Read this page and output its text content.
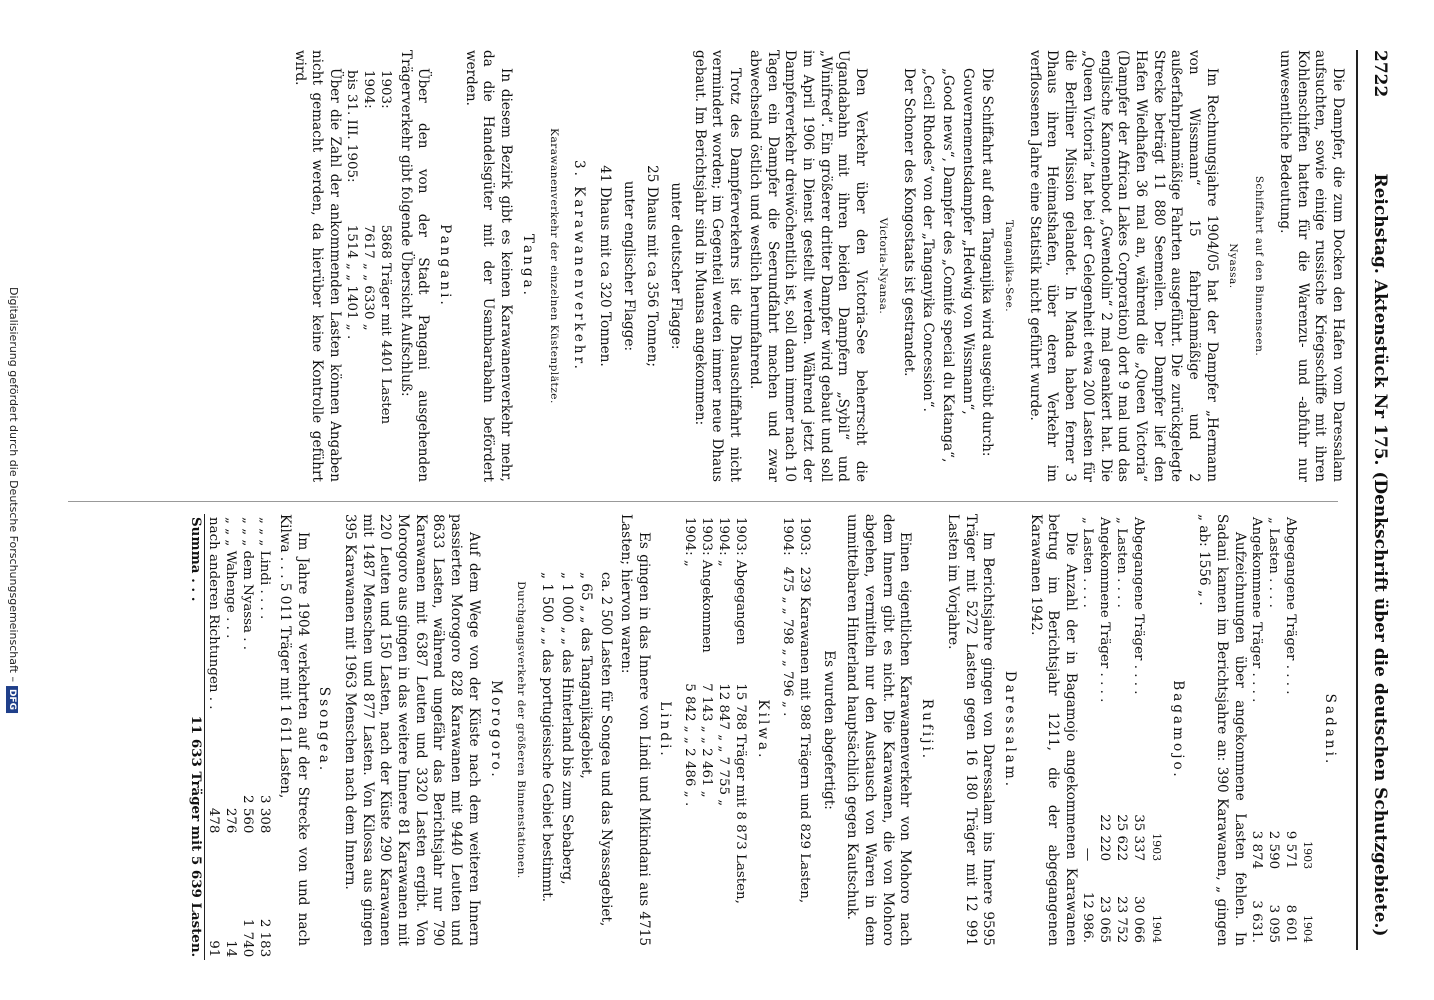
Digitalisierung gefördert durch die Deutsche Forschungsgemeinschaft –DFG
2722
Reichstag. Aktenstück Nr 175. (Denkschrift über die deutschen Schutzgebiete.)

Die Dampfer, die zum Docken den Hafen vom Daressalam aufsuchten, sowie einige russische Kriegsschiffe mit ihren Kohlenschiffen hatten für die Warenzu- und -abfuhr nur unwesentliche Bedeutung.

Schiffahrt auf den Binnenseen.
Nyassa.

Im Rechnungsjahre 1904/05 hat der Dampfer „Hermann von Wissmann“ 15 fahrplanmäßige und 2 außerfahrplanmäßige Fahrten ausgeführt. Die zurückgelegte Strecke beträgt 11 880 Seemeilen. Der Dampfer lief den Hafen Wiedhafen 36 mal an, während die „Queen Victoria“ (Dampfer der African Lakes Corporation) dort 9 mal und das englische Kanonenboot „Gwendolin“ 2 mal geankert hat. Die „Queen Victoria“ hat bei der Gelegenheit etwa 200 Lasten für die Berliner Mission gelandet. In Manda haben ferner 3 Dhaus ihren Heimatshafen, über deren Verkehr im verflossenen Jahre eine Statistik nicht geführt wurde.

Tanganjika-See.

Die Schiffahrt auf dem Tanganjika wird ausgeübt durch:

Gouvernementsdampfer „Hedwig von Wissmann“,

„Good news“, Dampfer des „Comité special du Katanga“,

„Cecil Rhodes“ von der „Tanganyika Concession“.

Der Schoner des Kongostaats ist gestrandet.

Victoria-Nyansa.

Den Verkehr über den Victoria-See beherrscht die Ugandabahn mit ihren beiden Dampfern „Sybil“ und „Winifred“. Ein größerer dritter Dampfer wird gebaut und soll im April 1906 in Dienst gestellt werden. Während jetzt der Dampferverkehr dreiwöchentlich ist, soll dann immer nach 10 Tagen ein Dampfer die Seerundfahrt machen und zwar abwechselnd östlich und westlich herumfahrend.

Trotz des Dampferverkehrs ist die Dhauschiffahrt nicht vermindert worden; im Gegenteil werden immer neue Dhaus gebaut. Im Berichtsjahr sind in Muansa angekommen:

unter deutscher Flagge:
25 Dhaus mit ca 356 Tonnen;
unter englischer Flagge:
41 Dhaus mit ca 320 Tonnen.
3. Karawanenverkehr.
Karawanenverkehr der einzelnen Küstenplätze.
Tanga.

In diesem Bezirk gibt es keinen Karawanenverkehr mehr, da die Handelsgüter mit der Usambarabahn befördert werden.

Pangani.

Über den von der Stadt Pangani ausgehenden Trägerverkehr gibt folgende Übersicht Aufschluß:

1903:	5868 Träger mit 4401 Lasten
1904:	7617 „ „ 6330 „
bis 31. III. 1905:	1514 „ „ 1401 „ .

Über die Zahl der ankommenden Lasten können Angaben nicht gemacht werden, da hierüber keine Kontrolle geführt wird.

Sadani.
	1903	1904
Abgegangene Träger . . . .	9 571	8 601
„ Lasten . . . .	2 590	3 095
Angekommene Träger . . . .	3 874	3 631.

Aufzeichnungen über angekommene Lasten fehlen. In Sadani kamen im Berichtsjahre an: 390 Karawanen, „ gingen „ ab: 1556 „ .

Bagamojo.
	1903	1904
Abgegangene Träger . . . .	35 337	30 066
„ Lasten . . . .	25 622	23 752
Angekommene Träger . . . .	22 220	23 065
„ Lasten . . . .	—	12 986.

Die Anzahl der in Bagamojo angekommenen Karawanen betrug im Berichtsjahr 1211, die der abgegangenen Karawanen 1942.

Daressalam.

Im Berichtsjahre gingen von Daressalam ins Innere 9595 Träger mit 5272 Lasten gegen 16 180 Träger mit 12 991 Lasten im Vorjahre.

Rufiji.

Einen eigentlichen Karawanenverkehr von Mohoro nach dem Innern gibt es nicht. Die Karawanen, die von Mohoro abgehen, vermitteln nur den Austausch von Waren in dem unmittelbaren Hinterland hauptsächlich gegen Kautschuk.

Es wurden abgefertigt:
1903:	239 Karawanen mit 988 Trägern und 829 Lasten,
1904:	475 „ „ 798 „ „ 796 „ .
Kilwa.
1903: Abgegangen	15 788 Träger mit 8 873 Lasten,
1904: „	12 847 „ „ 7 755 „
1903: Angekommen	7 143 „ „ 2 461 „
1904: „	5 842 „ „ 2 486 „ .
Lindi.

Es gingen in das Innere von Lindi und Mikindani aus 4715 Lasten; hiervon waren:

ca. 2 500 Lasten für Songea und das Nyassagebiet,

„ 65 „ „ das Tanganjikagebiet,

„ 1 000 „ „ das Hinterland bis zum Sebaberg,

„ 1 500 „ „ das portugiesische Gebiet bestimmt.

Durchgangsverkehr der größeren Binnenstationen.
Morogoro.

Auf dem Wege von der Küste nach dem weiteren Innern passierten Morogoro 828 Karawanen mit 9440 Leuten und 8633 Lasten, während ungefähr das Berichtsjahr nur 790 Karawanen mit 6387 Leuten und 3320 Lasten ergibt. Von Morogoro aus gingen in das weitere Innere 81 Karawanen mit 220 Leuten und 150 Lasten, nach der Küste 290 Karawanen mit 1487 Menschen und 877 Lasten. Von Kilossa aus gingen 395 Karawanen mit 1963 Menschen nach dem Innern.

Ssongea.

Im Jahre 1904 verkehrten auf der Strecke von und nach Kilwa . . . 5 011 Träger mit 1 611 Lasten,

„ „ „ Lindi . . . .	3 308	2 183
„ „ „ dem Nyassa . .	2 560	1 740
„ „ „ Wahenge . . .	276	14
nach anderen Richtungen . .	478	91
Summa . . .	11 633 Träger mit 5 639 Lasten.	
